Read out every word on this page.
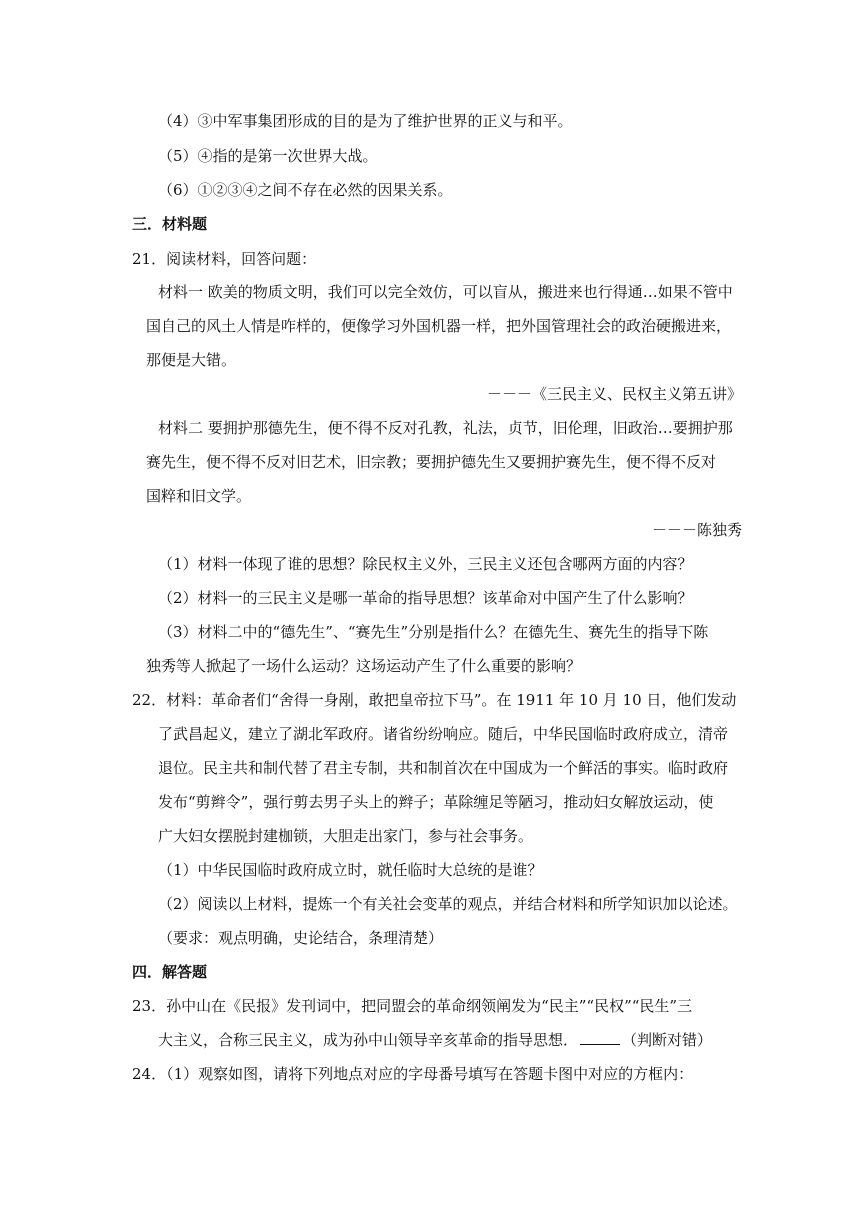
（4）③中军事集团形成的目的是为了维护世界的正义与和平。
（5）④指的是第一次世界大战。
（6）①②③④之间不存在必然的因果关系。
三．材料题
21．阅读材料，回答问题：
材料一 欧美的物质文明，我们可以完全效仿，可以盲从，搬进来也行得通…如果不管中
国自己的风土人情是咋样的，便像学习外国机器一样，把外国管理社会的政治硬搬进来，
那便是大错。
－－－《三民主义、民权主义第五讲》
材料二 要拥护那德先生，便不得不反对孔教，礼法，贞节，旧伦理，旧政治…要拥护那
赛先生，便不得不反对旧艺术，旧宗教；要拥护德先生又要拥护赛先生，便不得不反对
国粹和旧文学。
－－－陈独秀
（1）材料一体现了谁的思想？除民权主义外，三民主义还包含哪两方面的内容？
（2）材料一的三民主义是哪一革命的指导思想？该革命对中国产生了什么影响？
（3）材料二中的“德先生”、“赛先生”分别是指什么？在德先生、赛先生的指导下陈
独秀等人掀起了一场什么运动？这场运动产生了什么重要的影响？
22．材料：革命者们“舍得一身剐，敢把皇帝拉下马”。在 1911 年 10 月 10 日，他们发动
了武昌起义，建立了湖北军政府。诸省纷纷响应。随后，中华民国临时政府成立，清帝
退位。民主共和制代替了君主专制，共和制首次在中国成为一个鲜活的事实。临时政府
发布“剪辫令”，强行剪去男子头上的辫子；革除缠足等陋习，推动妇女解放运动，使
广大妇女摆脱封建枷锁，大胆走出家门，参与社会事务。
（1）中华民国临时政府成立时，就任临时大总统的是谁？
（2）阅读以上材料，提炼一个有关社会变革的观点，并结合材料和所学知识加以论述。
（要求：观点明确，史论结合，条理清楚）
四．解答题
23．孙中山在《民报》发刊词中，把同盟会的革命纲领阐发为“民主”“民权”“民生”三
大主义，合称三民主义，成为孙中山领导辛亥革命的指导思想．	（判断对错）
24．（1）观察如图，请将下列地点对应的字母番号填写在答题卡图中对应的方框内：
